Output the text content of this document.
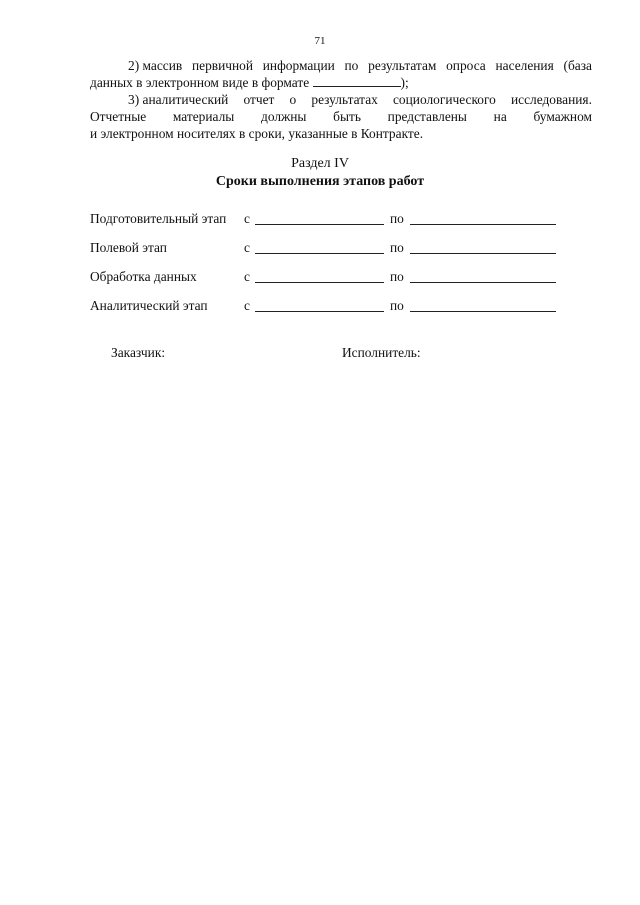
71
2) массив первичной информации по результатам опроса населения (база
данных в электронном виде в формате	);
3) аналитический отчет о результатах социологического исследования.
Отчетные материалы должны быть представлены на бумажном
и электронном носителях в сроки, указанные в Контракте.
Раздел IV
Сроки выполнения этапов работ
Подготовительный этап с	по
Полевой этап	с	по
Обработка данных	с	по
Аналитический этап	с	по
Заказчик:	Исполнитель:
